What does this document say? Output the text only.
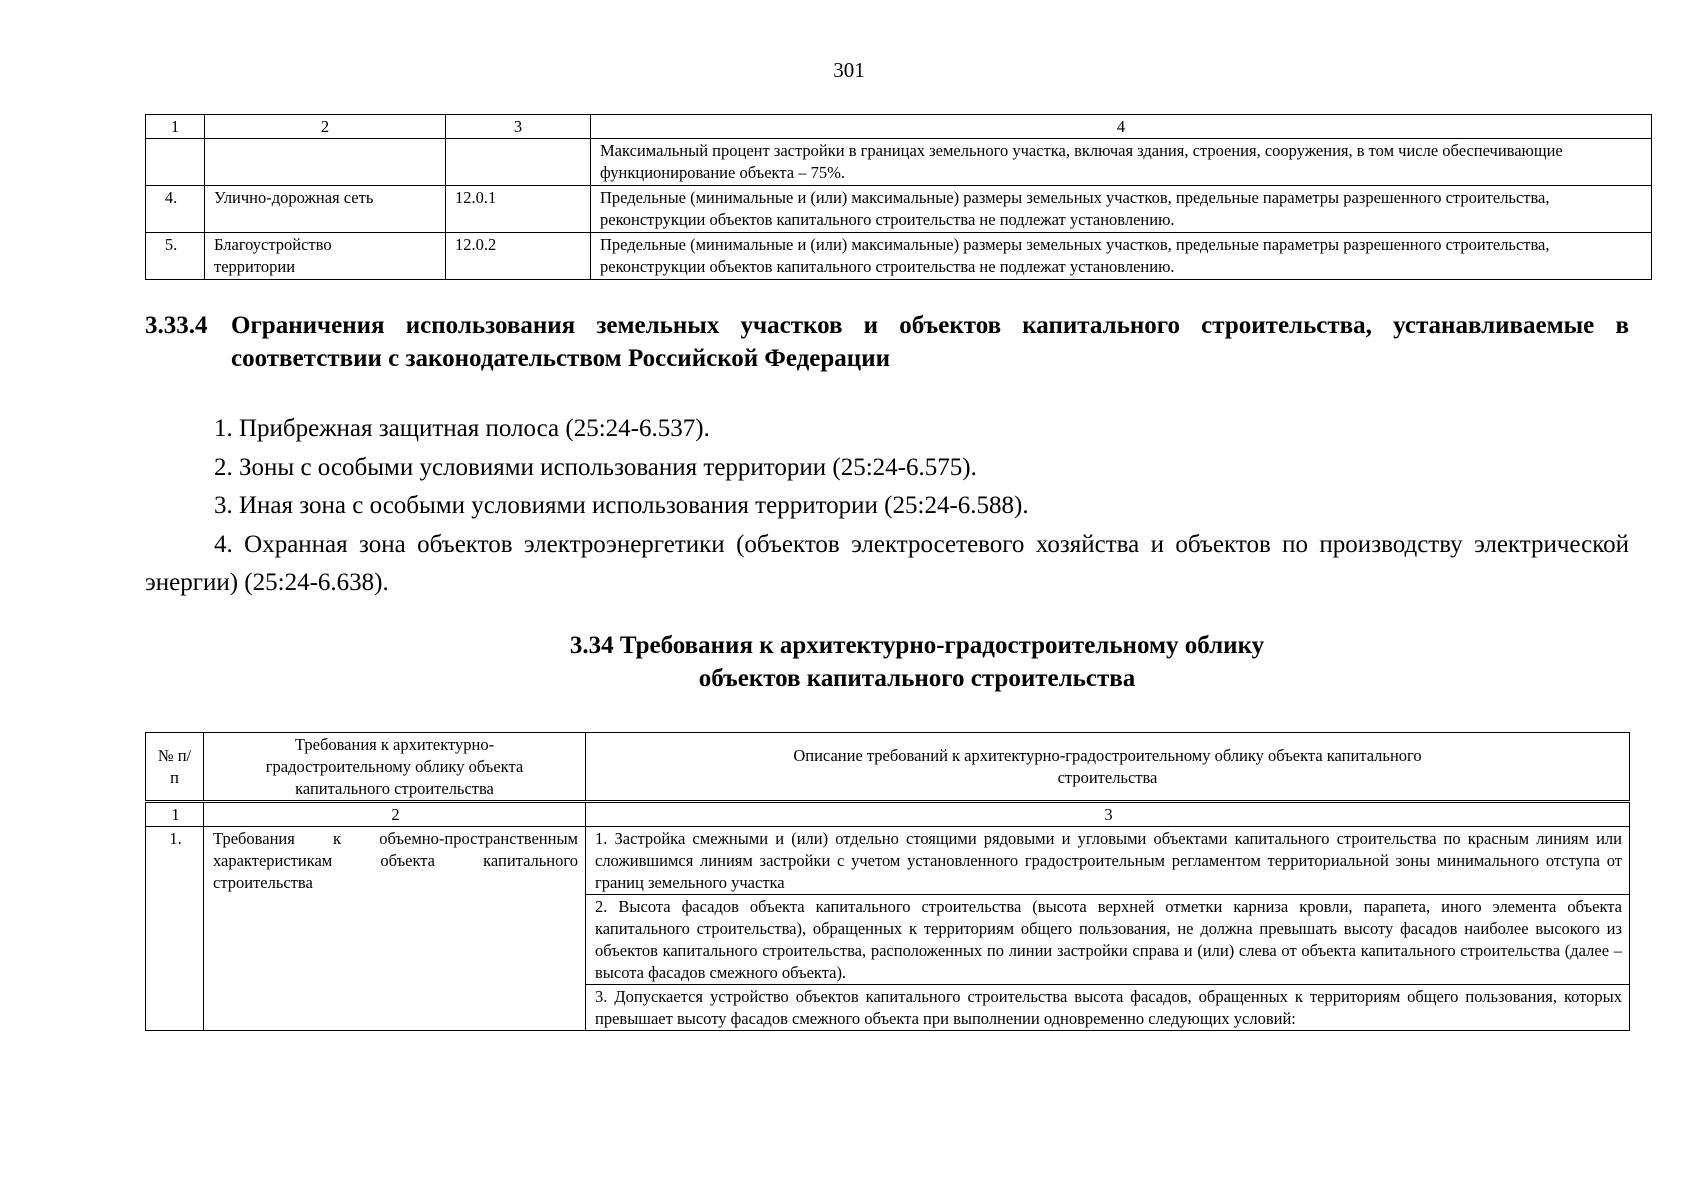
301
1	2	3	4
			Максимальный процент застройки в границах земельного участка, включая здания, строения, сооружения, в том числе обеспечивающие функционирование объекта – 75%.
4.	Улично-дорожная сеть	12.0.1	Предельные (минимальные и (или) максимальные) размеры земельных участков, предельные параметры разрешенного строительства, реконструкции объектов капитального строительства не подлежат установлению.
5.	Благоустройство территории	12.0.2	Предельные (минимальные и (или) максимальные) размеры земельных участков, предельные параметры разрешенного строительства, реконструкции объектов капитального строительства не подлежат установлению.
3.33.4 Ограничения использования земельных участков и объектов капитального строительства, устанавливаемые в соответствии с законодательством Российской Федерации

1. Прибрежная защитная полоса (25:24-6.537).

2. Зоны с особыми условиями использования территории (25:24-6.575).

3. Иная зона с особыми условиями использования территории (25:24-6.588).

4. Охранная зона объектов электроэнергетики (объектов электросетевого хозяйства и объектов по производству электрической энергии) (25:24-6.638).

3.34 Требования к архитектурно-градостроительному облику
объектов капитального строительства
№ п/п	Требования к архитектурно-градостроительному облику объекта капитального строительства	Описание требований к архитектурно-градостроительному облику объекта капитального строительства
1	2	3
1.	Требования к объемно-пространственным характеристикам объекта капитального строительства	1. Застройка смежными и (или) отдельно стоящими рядовыми и угловыми объектами капитального строительства по красным линиям или сложившимся линиям застройки с учетом установленного градостроительным регламентом территориальной зоны минимального отступа от границ земельного участка
		2. Высота фасадов объекта капитального строительства (высота верхней отметки карниза кровли, парапета, иного элемента объекта капитального строительства), обращенных к территориям общего пользования, не должна превышать высоту фасадов наиболее высокого из объектов капитального строительства, расположенных по линии застройки справа и (или) слева от объекта капитального строительства (далее – высота фасадов смежного объекта).
		3. Допускается устройство объектов капитального строительства высота фасадов, обращенных к территориям общего пользования, которых превышает высоту фасадов смежного объекта при выполнении одновременно следующих условий:
